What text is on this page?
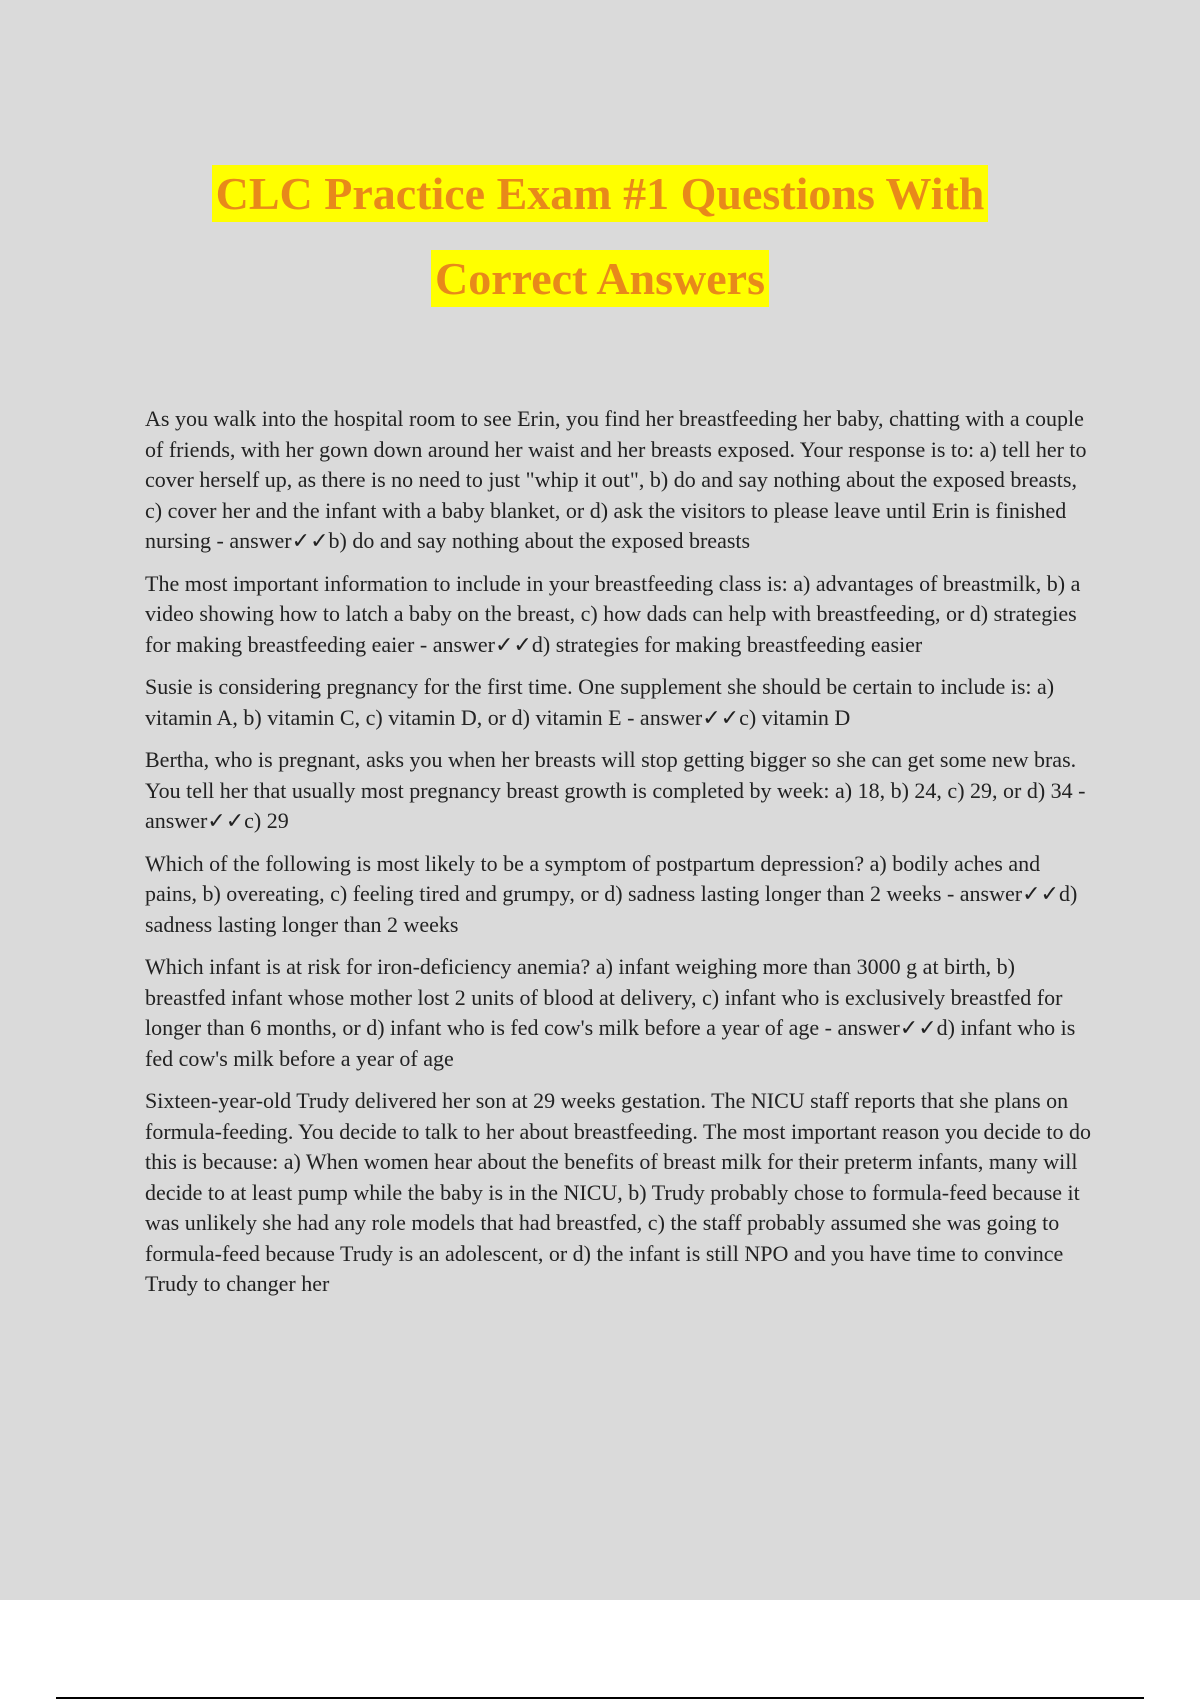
CLC Practice Exam #1 Questions With
Correct Answers

As you walk into the hospital room to see Erin, you find her breastfeeding her baby, chatting with a couple of friends, with her gown down around her waist and her breasts exposed. Your response is to: a) tell her to cover herself up, as there is no need to just "whip it out", b) do and say nothing about the exposed breasts, c) cover her and the infant with a baby blanket, or d) ask the visitors to please leave until Erin is finished nursing - answer✓✓b) do and say nothing about the exposed breasts

The most important information to include in your breastfeeding class is: a) advantages of breastmilk, b) a video showing how to latch a baby on the breast, c) how dads can help with breastfeeding, or d) strategies for making breastfeeding eaier - answer✓✓d) strategies for making breastfeeding easier

Susie is considering pregnancy for the first time. One supplement she should be certain to include is: a) vitamin A, b) vitamin C, c) vitamin D, or d) vitamin E - answer✓✓c) vitamin D

Bertha, who is pregnant, asks you when her breasts will stop getting bigger so she can get some new bras. You tell her that usually most pregnancy breast growth is completed by week: a) 18, b) 24, c) 29, or d) 34 - answer✓✓c) 29

Which of the following is most likely to be a symptom of postpartum depression? a) bodily aches and pains, b) overeating, c) feeling tired and grumpy, or d) sadness lasting longer than 2 weeks - answer✓✓d) sadness lasting longer than 2 weeks

Which infant is at risk for iron-deficiency anemia? a) infant weighing more than 3000 g at birth, b) breastfed infant whose mother lost 2 units of blood at delivery, c) infant who is exclusively breastfed for longer than 6 months, or d) infant who is fed cow's milk before a year of age - answer✓✓d) infant who is fed cow's milk before a year of age

Sixteen-year-old Trudy delivered her son at 29 weeks gestation. The NICU staff reports that she plans on formula-feeding. You decide to talk to her about breastfeeding. The most important reason you decide to do this is because: a) When women hear about the benefits of breast milk for their preterm infants, many will decide to at least pump while the baby is in the NICU, b) Trudy probably chose to formula-feed because it was unlikely she had any role models that had breastfed, c) the staff probably assumed she was going to formula-feed because Trudy is an adolescent, or d) the infant is still NPO and you have time to convince Trudy to changer her
